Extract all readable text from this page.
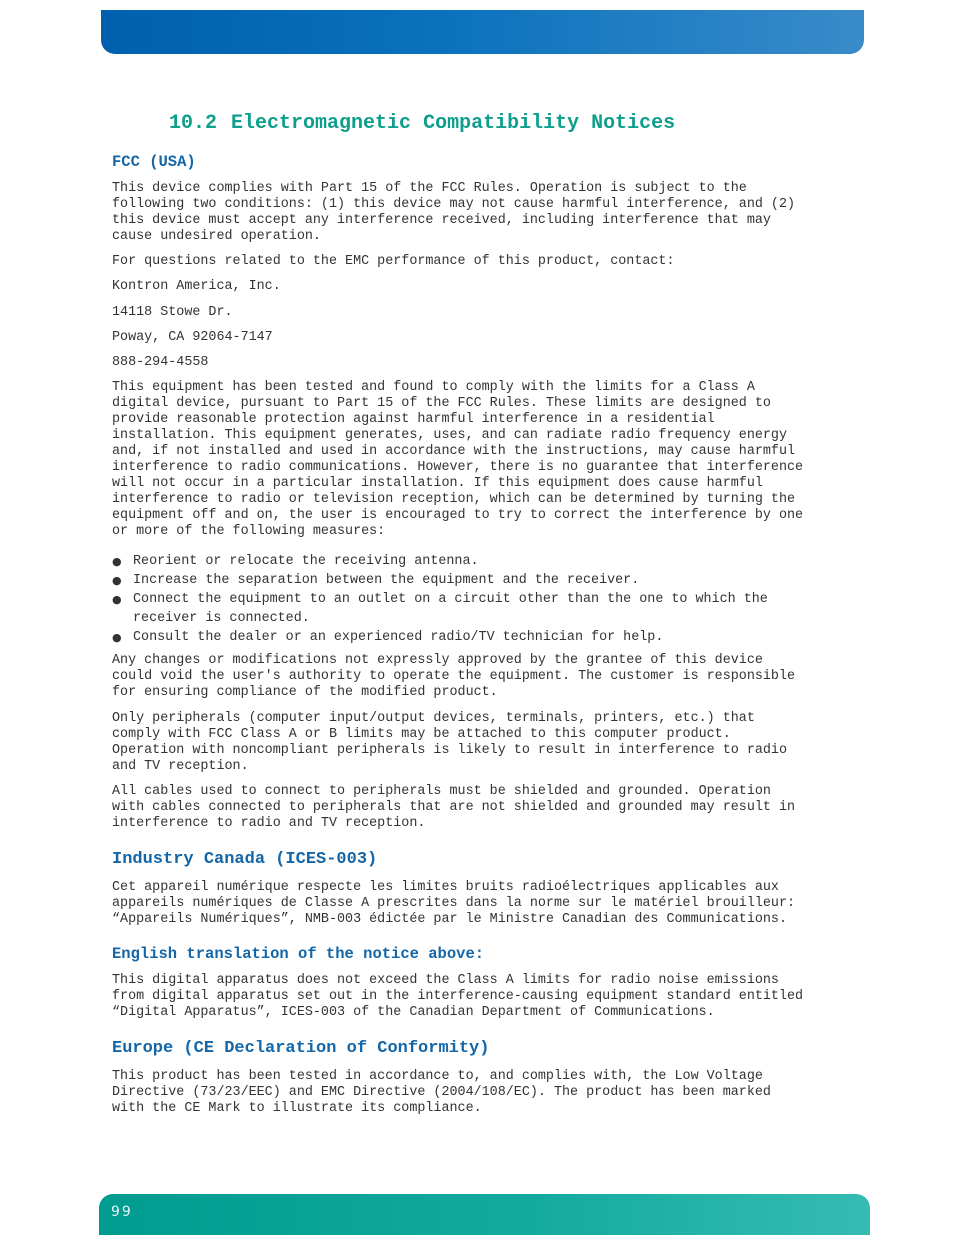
10.2 Electromagnetic Compatibility Notices
FCC (USA)

This device complies with Part 15 of the FCC Rules. Operation is subject to the

following two conditions: (1) this device may not cause harmful interference, and (2)

this device must accept any interference received, including interference that may

cause undesired operation.

For questions related to the EMC performance of this product, contact:

Kontron America, Inc.

14118 Stowe Dr.

Poway, CA 92064-7147

888-294-4558

This equipment has been tested and found to comply with the limits for a Class A

digital device, pursuant to Part 15 of the FCC Rules. These limits are designed to

provide reasonable protection against harmful interference in a residential

installation. This equipment generates, uses, and can radiate radio frequency energy

and, if not installed and used in accordance with the instructions, may cause harmful

interference to radio communications. However, there is no guarantee that interference

will not occur in a particular installation. If this equipment does cause harmful

interference to radio or television reception, which can be determined by turning the

equipment off and on, the user is encouraged to try to correct the interference by one

or more of the following measures:

● Reorient or relocate the receiving antenna.
● Increase the separation between the equipment and the receiver.
● Connect the equipment to an outlet on a circuit other than the one to which the
receiver is connected.
● Consult the dealer or an experienced radio/TV technician for help.

Any changes or modifications not expressly approved by the grantee of this device

could void the user's authority to operate the equipment. The customer is responsible

for ensuring compliance of the modified product.

Only peripherals (computer input/output devices, terminals, printers, etc.) that

comply with FCC Class A or B limits may be attached to this computer product.

Operation with noncompliant peripherals is likely to result in interference to radio

and TV reception.

All cables used to connect to peripherals must be shielded and grounded. Operation

with cables connected to peripherals that are not shielded and grounded may result in

interference to radio and TV reception.

Industry Canada (ICES-003)

Cet appareil numérique respecte les limites bruits radioélectriques applicables aux

appareils numériques de Classe A prescrites dans la norme sur le matériel brouilleur:

“Appareils Numériques”, NMB-003 édictée par le Ministre Canadian des Communications.

English translation of the notice above:

This digital apparatus does not exceed the Class A limits for radio noise emissions

from digital apparatus set out in the interference-causing equipment standard entitled

“Digital Apparatus”, ICES-003 of the Canadian Department of Communications.

Europe (CE Declaration of Conformity)

This product has been tested in accordance to, and complies with, the Low Voltage

Directive (73/23/EEC) and EMC Directive (2004/108/EC). The product has been marked

with the CE Mark to illustrate its compliance.

99
